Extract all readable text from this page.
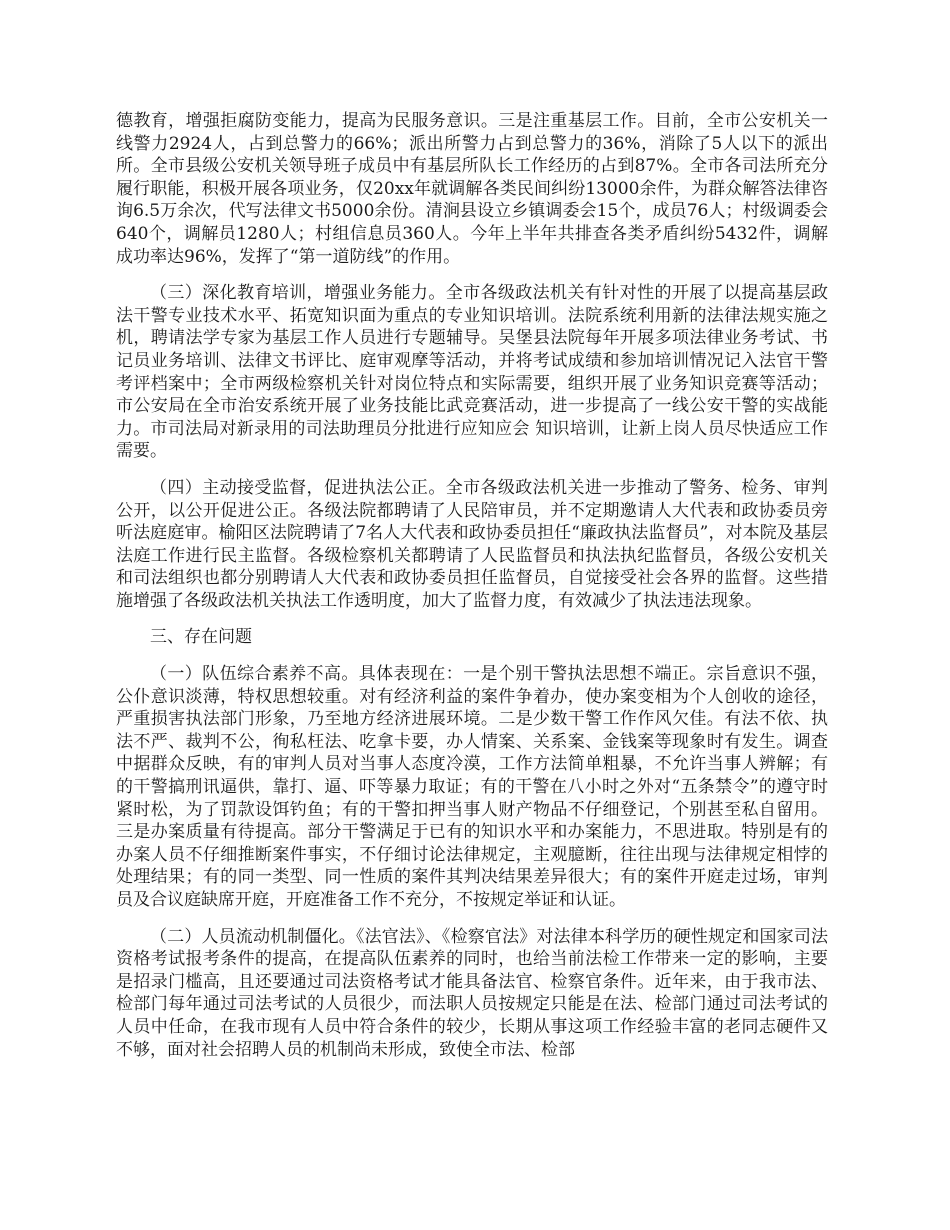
德教育，增强拒腐防变能力，提高为民服务意识。三是注重基层工作。目前，全市公安机关一线警力2924人，占到总警力的66%；派出所警力占到总警力的36%，消除了5人以下的派出所。全市县级公安机关领导班子成员中有基层所队长工作经历的占到87%。全市各司法所充分履行职能，积极开展各项业务，仅20xx年就调解各类民间纠纷13000余件，为群众解答法律咨询6.5万余次，代写法律文书5000余份。清涧县设立乡镇调委会15个，成员76人；村级调委会640个，调解员1280人；村组信息员360人。今年上半年共排查各类矛盾纠纷5432件，调解成功率达96%，发挥了“第一道防线”的作用。

（三）深化教育培训，增强业务能力。全市各级政法机关有针对性的开展了以提高基层政法干警专业技术水平、拓宽知识面为重点的专业知识培训。法院系统利用新的法律法规实施之机，聘请法学专家为基层工作人员进行专题辅导。吴堡县法院每年开展多项法律业务考试、书记员业务培训、法律文书评比、庭审观摩等活动，并将考试成绩和参加培训情况记入法官干警考评档案中；全市两级检察机关针对岗位特点和实际需要，组织开展了业务知识竞赛等活动；市公安局在全市治安系统开展了业务技能比武竞赛活动，进一步提高了一线公安干警的实战能力。市司法局对新录用的司法助理员分批进行应知应会 知识培训，让新上岗人员尽快适应工作需要。

（四）主动接受监督，促进执法公正。全市各级政法机关进一步推动了警务、检务、审判公开，以公开促进公正。各级法院都聘请了人民陪审员，并不定期邀请人大代表和政协委员旁听法庭庭审。榆阳区法院聘请了7名人大代表和政协委员担任“廉政执法监督员”，对本院及基层法庭工作进行民主监督。各级检察机关都聘请了人民监督员和执法执纪监督员，各级公安机关和司法组织也都分别聘请人大代表和政协委员担任监督员，自觉接受社会各界的监督。这些措施增强了各级政法机关执法工作透明度，加大了监督力度，有效减少了执法违法现象。

三、存在问题

（一）队伍综合素养不高。具体表现在：一是个别干警执法思想不端正。宗旨意识不强，公仆意识淡薄，特权思想较重。对有经济利益的案件争着办，使办案变相为个人创收的途径，严重损害执法部门形象，乃至地方经济进展环境。二是少数干警工作作风欠佳。有法不依、执法不严、裁判不公，徇私枉法、吃拿卡要，办人情案、关系案、金钱案等现象时有发生。调查中据群众反映，有的审判人员对当事人态度冷漠，工作方法简单粗暴，不允许当事人辨解；有的干警搞刑讯逼供，靠打、逼、吓等暴力取证；有的干警在八小时之外对“五条禁令”的遵守时紧时松，为了罚款设饵钓鱼；有的干警扣押当事人财产物品不仔细登记，个别甚至私自留用。三是办案质量有待提高。部分干警满足于已有的知识水平和办案能力，不思进取。特别是有的办案人员不仔细推断案件事实，不仔细讨论法律规定，主观臆断，往往出现与法律规定相悖的处理结果；有的同一类型、同一性质的案件其判决结果差异很大；有的案件开庭走过场，审判员及合议庭缺席开庭，开庭准备工作不充分，不按规定举证和认证。

（二）人员流动机制僵化。《法官法》、《检察官法》对法律本科学历的硬性规定和国家司法资格考试报考条件的提高，在提高队伍素养的同时，也给当前法检工作带来一定的影响，主要是招录门槛高，且还要通过司法资格考试才能具备法官、检察官条件。近年来，由于我市法、检部门每年通过司法考试的人员很少，而法职人员按规定只能是在法、检部门通过司法考试的人员中任命，在我市现有人员中符合条件的较少，长期从事这项工作经验丰富的老同志硬件又不够，面对社会招聘人员的机制尚未形成，致使全市法、检部
